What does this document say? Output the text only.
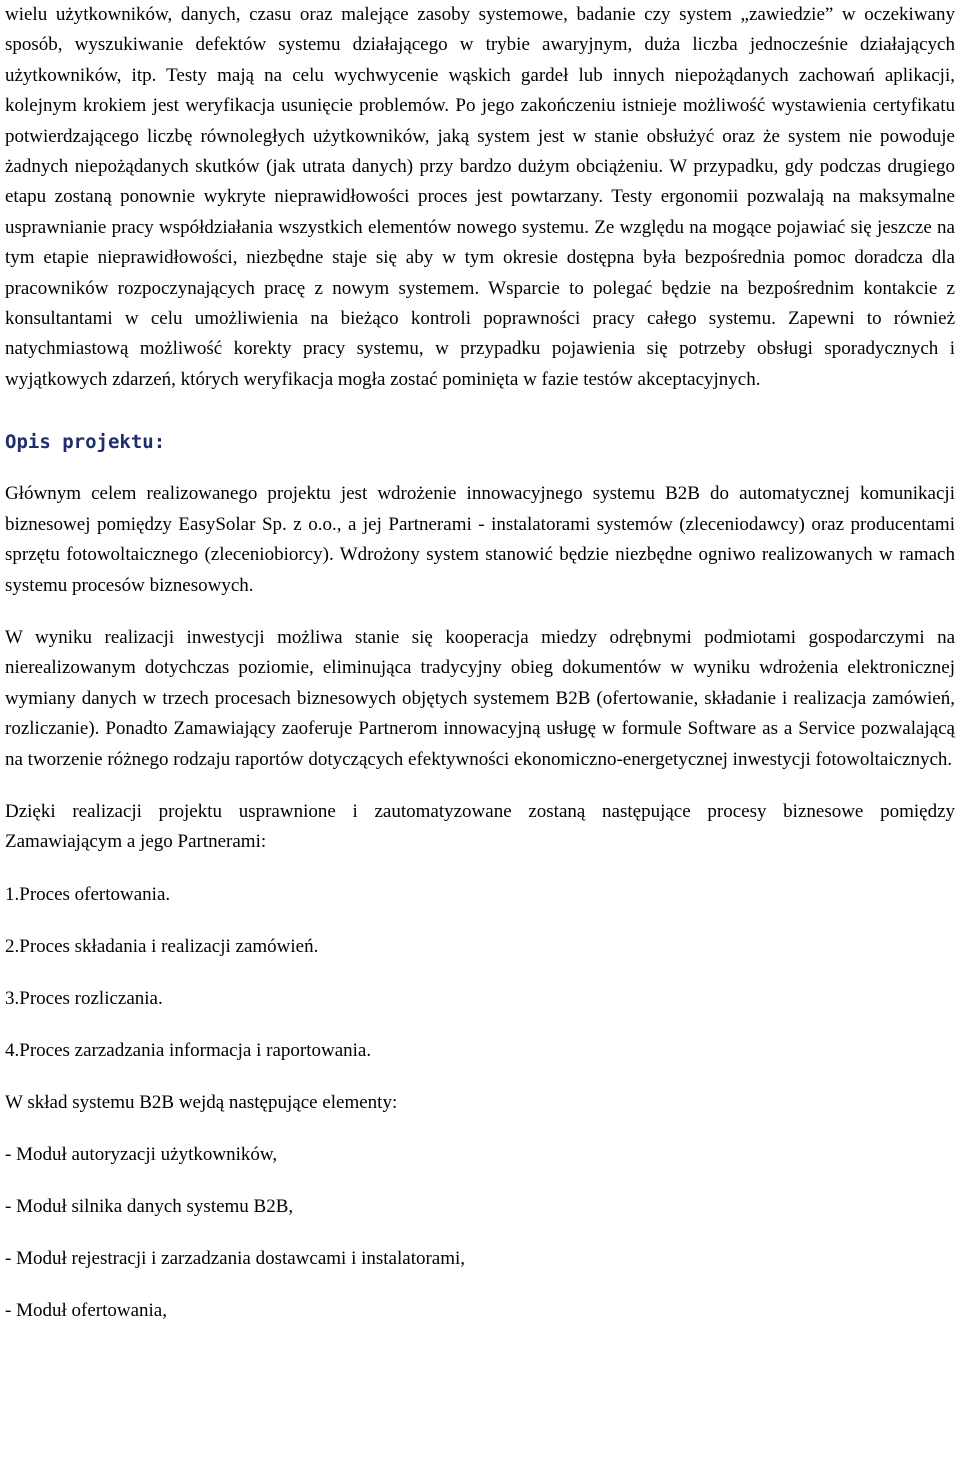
wielu użytkowników, danych, czasu oraz malejące zasoby systemowe, badanie czy system „zawiedzie” w oczekiwany sposób, wyszukiwanie defektów systemu działającego w trybie awaryjnym, duża liczba jednocześnie działających użytkowników, itp. Testy mają na celu wychwycenie wąskich gardeł lub innych niepożądanych zachowań aplikacji, kolejnym krokiem jest weryfikacja usunięcie problemów. Po jego zakończeniu istnieje możliwość wystawienia certyfikatu potwierdzającego liczbę równoległych użytkowników, jaką system jest w stanie obsłużyć oraz że system nie powoduje żadnych niepożądanych skutków (jak utrata danych) przy bardzo dużym obciążeniu. W przypadku, gdy podczas drugiego etapu zostaną ponownie wykryte nieprawidłowości proces jest powtarzany. Testy ergonomii pozwalają na maksymalne usprawnianie pracy współdziałania wszystkich elementów nowego systemu. Ze względu na mogące pojawiać się jeszcze na tym etapie nieprawidłowości, niezbędne staje się aby w tym okresie dostępna była bezpośrednia pomoc doradcza dla pracowników rozpoczynających pracę z nowym systemem. Wsparcie to polegać będzie na bezpośrednim kontakcie z konsultantami w celu umożliwienia na bieżąco kontroli poprawności pracy całego systemu. Zapewni to również natychmiastową możliwość korekty pracy systemu, w przypadku pojawienia się potrzeby obsługi sporadycznych i wyjątkowych zdarzeń, których weryfikacja mogła zostać pominięta w fazie testów akceptacyjnych.

Opis projektu:

Głównym celem realizowanego projektu jest wdrożenie innowacyjnego systemu B2B do automatycznej komunikacji biznesowej pomiędzy EasySolar Sp. z o.o., a jej Partnerami - instalatorami systemów (zleceniodawcy) oraz producentami sprzętu fotowoltaicznego (zleceniobiorcy). Wdrożony system stanowić będzie niezbędne ogniwo realizowanych w ramach systemu procesów biznesowych.

W wyniku realizacji inwestycji możliwa stanie się kooperacja miedzy odrębnymi podmiotami gospodarczymi na nierealizowanym dotychczas poziomie, eliminująca tradycyjny obieg dokumentów w wyniku wdrożenia elektronicznej wymiany danych w trzech procesach biznesowych objętych systemem B2B (ofertowanie, składanie i realizacja zamówień, rozliczanie). Ponadto Zamawiający zaoferuje Partnerom innowacyjną usługę w formule Software as a Service pozwalającą na tworzenie różnego rodzaju raportów dotyczących efektywności ekonomiczno-energetycznej inwestycji fotowoltaicznych.

Dzięki realizacji projektu usprawnione i zautomatyzowane zostaną następujące procesy biznesowe pomiędzy Zamawiającym a jego Partnerami:

1.Proces ofertowania.

2.Proces składania i realizacji zamówień.

3.Proces rozliczania.

4.Proces zarzadzania informacja i raportowania.

W skład systemu B2B wejdą następujące elementy:

- Moduł autoryzacji użytkowników,

- Moduł silnika danych systemu B2B,

- Moduł rejestracji i zarzadzania dostawcami i instalatorami,

- Moduł ofertowania,
